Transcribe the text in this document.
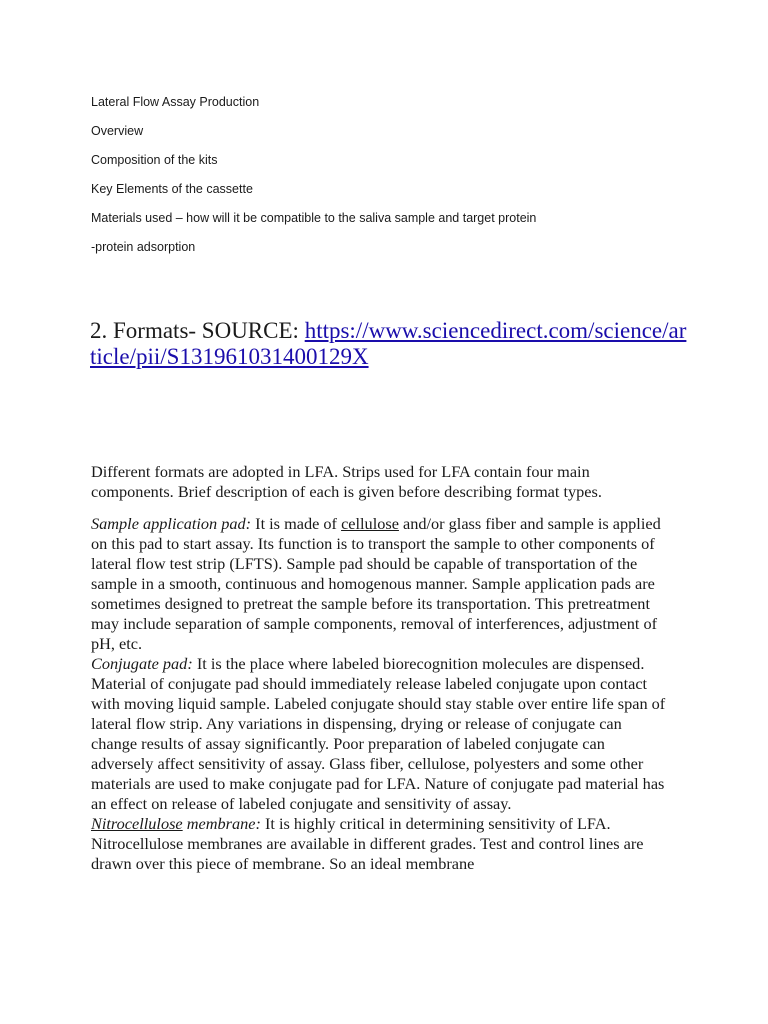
Lateral Flow Assay Production
Overview
Composition of the kits
Key Elements of the cassette
Materials used – how will it be compatible to the saliva sample and target protein
-protein adsorption
2. Formats- SOURCE: https://www.sciencedirect.com/science/article/pii/S131961031400129X

Different formats are adopted in LFA. Strips used for LFA contain four main components. Brief description of each is given before describing format types.

Sample application pad: It is made of cellulose and/or glass fiber and sample is applied on this pad to start assay. Its function is to transport the sample to other components of lateral flow test strip (LFTS). Sample pad should be capable of transportation of the sample in a smooth, continuous and homogenous manner. Sample application pads are sometimes designed to pretreat the sample before its transportation. This pretreatment may include separation of sample components, removal of interferences, adjustment of pH, etc.

Conjugate pad: It is the place where labeled biorecognition molecules are dispensed. Material of conjugate pad should immediately release labeled conjugate upon contact with moving liquid sample. Labeled conjugate should stay stable over entire life span of lateral flow strip. Any variations in dispensing, drying or release of conjugate can change results of assay significantly. Poor preparation of labeled conjugate can adversely affect sensitivity of assay. Glass fiber, cellulose, polyesters and some other materials are used to make conjugate pad for LFA. Nature of conjugate pad material has an effect on release of labeled conjugate and sensitivity of assay.

Nitrocellulose membrane: It is highly critical in determining sensitivity of LFA. Nitrocellulose membranes are available in different grades. Test and control lines are drawn over this piece of membrane. So an ideal membrane
